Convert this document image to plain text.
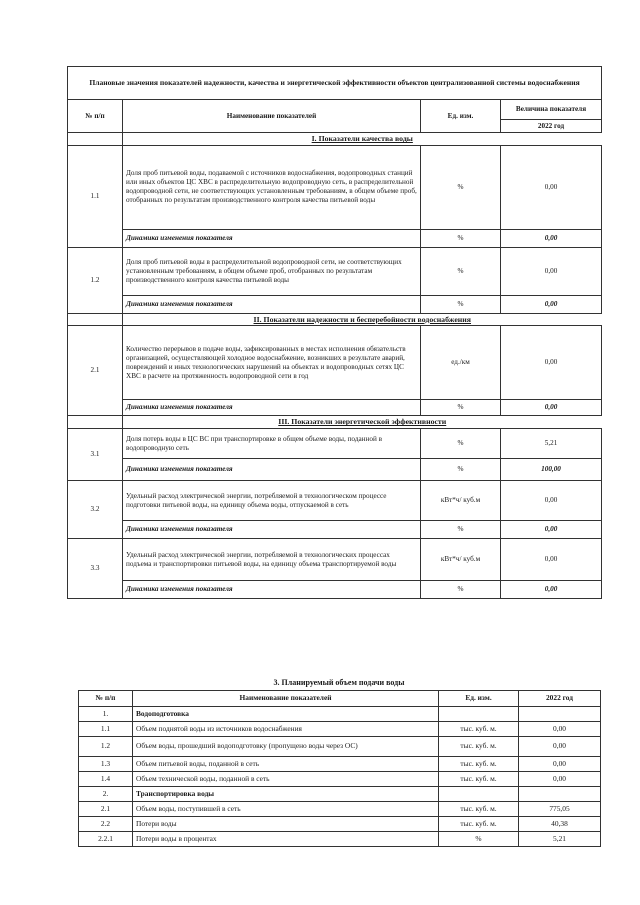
Плановые значения показателей надежности, качества и энергетической эффективности объектов централизованной системы водоснабжения			
№ п/п	Наименование показателей	Ед. изм.	Величина показателя
			2022 год
	I. Показатели качества воды		
1.1	Доля проб питьевой воды, подаваемой с источников водоснабжения, водопроводных станций или иных объектов ЦС ХВС в распределительную водопроводную сеть, в распределительной водопроводной сети, не соответствующих установленным требованиям, в общем объеме проб, отобранных по результатам производственного контроля качества питьевой воды	%	0,00
	Динамика изменения показателя	%	0,00
1.2	Доля проб питьевой воды в распределительной водопроводной сети, не соответствующих установленным требованиям, в общем объеме проб, отобранных по результатам производственного контроля качества питьевой воды	%	0,00
	Динамика изменения показателя	%	0,00
	II. Показатели надежности и бесперебойности водоснабжения		
2.1	Количество перерывов в подаче воды, зафиксированных в местах исполнения обязательств организацией, осуществляющей холодное водоснабжение, возникших в результате аварий, повреждений и иных технологических нарушений на объектах и водопроводных сетях ЦС ХВС в расчете на протяженность водопроводной сети в год	ед./км	0,00
	Динамика изменения показателя	%	0,00
	III. Показатели энергетической эффективности		
3.1	Доля потерь воды в ЦС ВС при транспортировке в общем объеме воды, поданной в водопроводную сеть	%	5,21
	Динамика изменения показателя	%	100,00
3.2	Удельный расход электрической энергии, потребляемой в технологическом процессе подготовки питьевой воды, на единицу объема воды, отпускаемой в сеть	кВт*ч/ куб.м	0,00
	Динамика изменения показателя	%	0,00
3.3	Удельный расход электрической энергии, потребляемой в технологических процессах подъема и транспортировки питьевой воды, на единицу объема транспортируемой воды	кВт*ч/ куб.м	0,00
	Динамика изменения показателя	%	0,00
3. Планируемый объем подачи воды
№ п/п	Наименование показателей	Ед. изм.	2022 год
1.	Водоподготовка		
1.1	Объем поднятой воды из источников водоснабжения	тыс. куб. м.	0,00
1.2	Объем воды, прошедший водоподготовку (пропущено воды через ОС)	тыс. куб. м.	0,00
1.3	Объем питьевой воды, поданной в сеть	тыс. куб. м.	0,00
1.4	Объем технической воды, поданной в сеть	тыс. куб. м.	0,00
2.	Транспортировка воды		
2.1	Объем воды, поступившей в сеть	тыс. куб. м.	775,05
2.2	Потери воды	тыс. куб. м.	40,38
2.2.1	Потери воды в процентах	%	5,21
